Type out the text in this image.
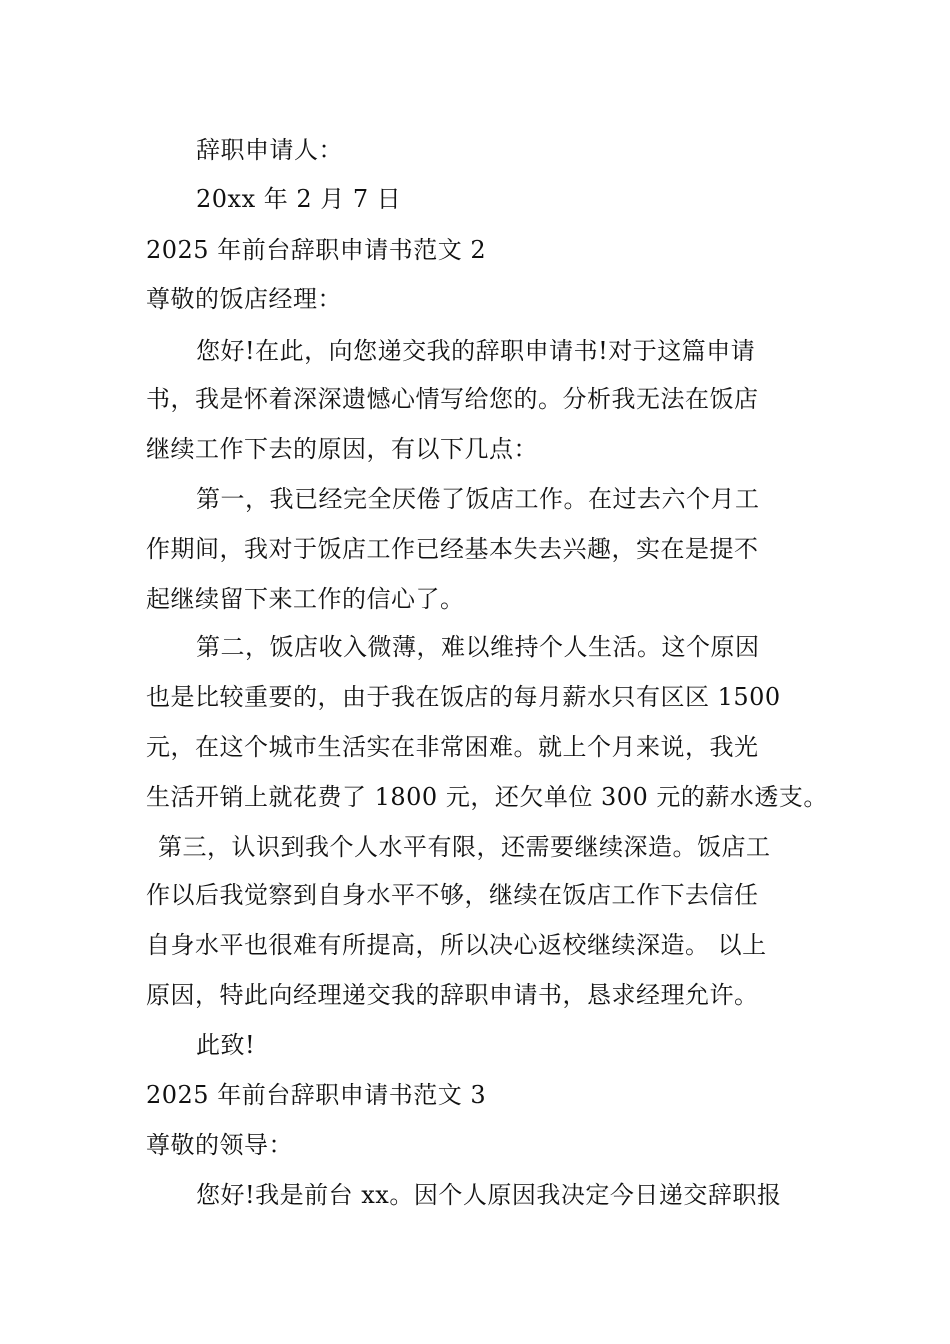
辞职申请人：
20xx 年 2 月 7 日
2025 年前台辞职申请书范文 2
尊敬的饭店经理：
您好!在此，向您递交我的辞职申请书!对于这篇申请
书，我是怀着深深遗憾心情写给您的。分析我无法在饭店
继续工作下去的原因，有以下几点：
第一，我已经完全厌倦了饭店工作。在过去六个月工
作期间，我对于饭店工作已经基本失去兴趣，实在是提不
起继续留下来工作的信心了。
第二，饭店收入微薄，难以维持个人生活。这个原因
也是比较重要的，由于我在饭店的每月薪水只有区区 1500
元，在这个城市生活实在非常困难。就上个月来说，我光
生活开销上就花费了 1800 元，还欠单位 300 元的薪水透支。
第三，认识到我个人水平有限，还需要继续深造。饭店工
作以后我觉察到自身水平不够，继续在饭店工作下去信任
自身水平也很难有所提高，所以决心返校继续深造。 以上
原因，特此向经理递交我的辞职申请书，恳求经理允许。
此致!
2025 年前台辞职申请书范文 3
尊敬的领导：
您好!我是前台 xx。因个人原因我决定今日递交辞职报
